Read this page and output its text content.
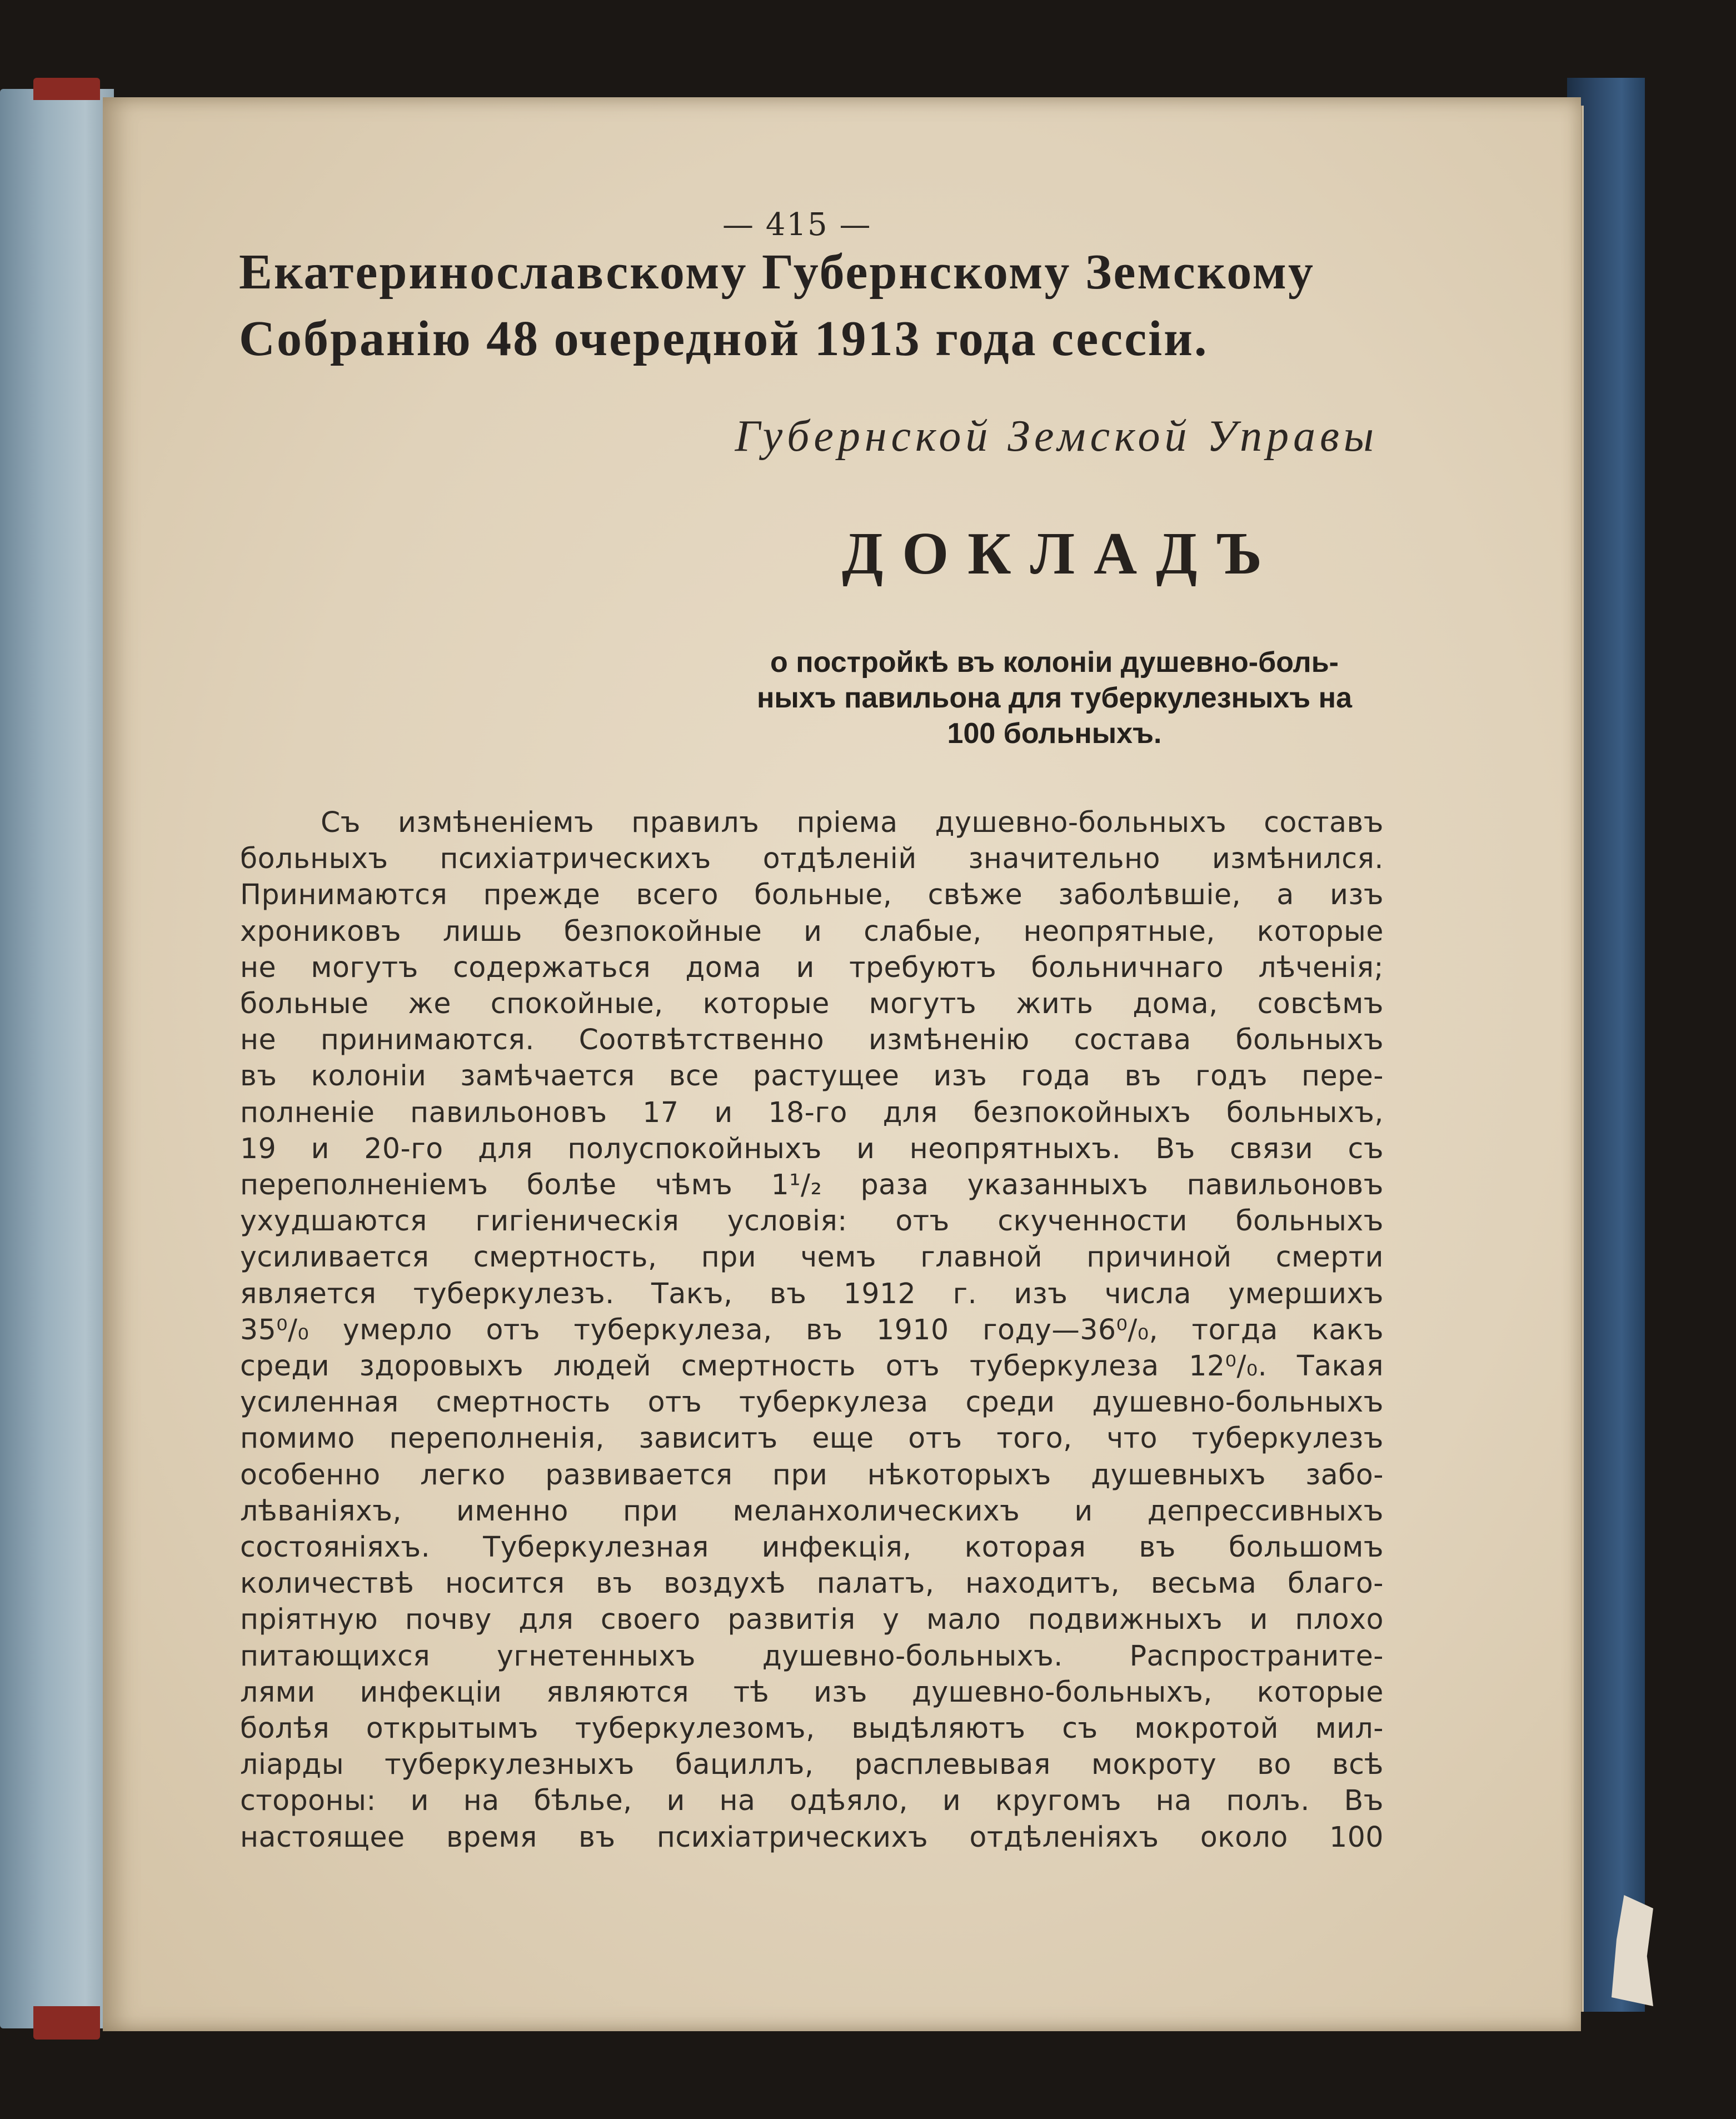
— 415 —
Екатеринославскому Губернскому Земскому
Собранію 48 очередной 1913 года сессіи.
Губернской Земской Управы
ДОКЛАДЪ
о постройкѣ въ колоніи душевно-боль-
ныхъ павильона для туберкулезныхъ на
100 больныхъ.
Съ измѣненіемъ правилъ пріема душевно-больныхъ составъ
больныхъ психіатрическихъ отдѣленій значительно измѣнился.
Принимаются прежде всего больные, свѣже заболѣвшіе, а изъ
хрониковъ лишь безпокойные и слабые, неопрятные, которые
не могутъ содержаться дома и требуютъ больничнаго лѣченія;
больные же спокойные, которые могутъ жить дома, совсѣмъ
не принимаются. Соотвѣтственно измѣненію состава больныхъ
въ колоніи замѣчается все растущее изъ года въ годъ пере-
полненіе павильоновъ 17 и 18-го для безпокойныхъ больныхъ,
19 и 20-го для полуспокойныхъ и неопрятныхъ. Въ связи съ
переполненіемъ болѣе чѣмъ 1¹/₂ раза указанныхъ павильоновъ
ухудшаются гигіеническія условія: отъ скученности больныхъ
усиливается смертность, при чемъ главной причиной смерти
является туберкулезъ. Такъ, въ 1912 г. изъ числа умершихъ
35⁰/₀ умерло отъ туберкулеза, въ 1910 году—36⁰/₀, тогда какъ
среди здоровыхъ людей смертность отъ туберкулеза 12⁰/₀. Такая
усиленная смертность отъ туберкулеза среди душевно-больныхъ
помимо переполненія, зависитъ еще отъ того, что туберкулезъ
особенно легко развивается при нѣкоторыхъ душевныхъ забо-
лѣваніяхъ, именно при меланхолическихъ и депрессивныхъ
состояніяхъ. Туберкулезная инфекція, которая въ большомъ
количествѣ носится въ воздухѣ палатъ, находитъ, весьма благо-
пріятную почву для своего развитія у мало подвижныхъ и плохо
питающихся угнетенныхъ душевно-больныхъ. Распространите-
лями инфекціи являются тѣ изъ душевно-больныхъ, которые
болѣя открытымъ туберкулезомъ, выдѣляютъ съ мокротой мил-
ліарды туберкулезныхъ бациллъ, расплевывая мокроту во всѣ
стороны: и на бѣлье, и на одѣяло, и кругомъ на полъ. Въ
настоящее время въ психіатрическихъ отдѣленіяхъ около 100
